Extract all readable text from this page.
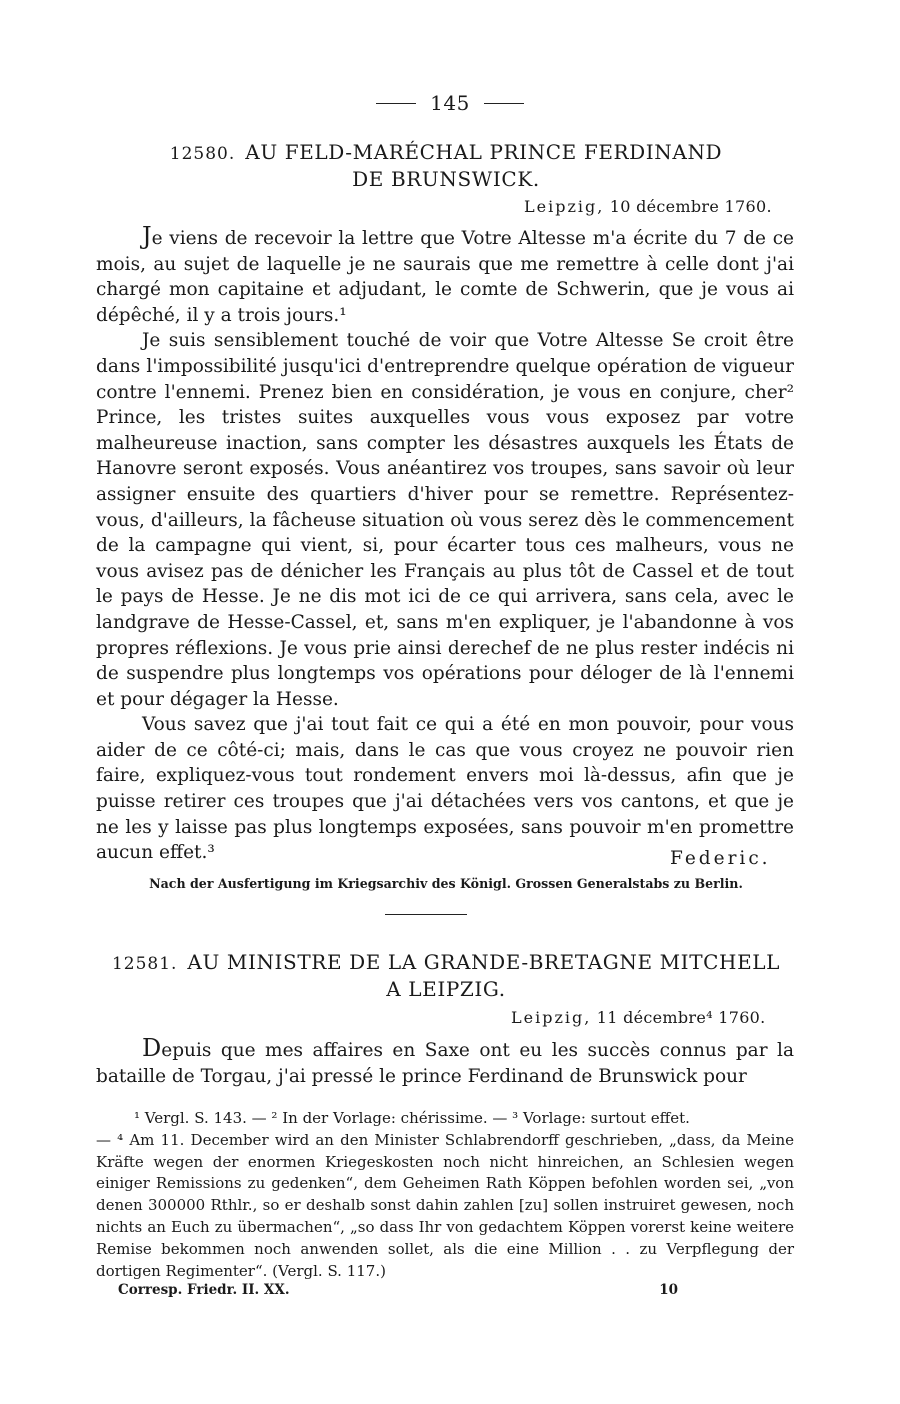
145
12580. AU FELD-MARÉCHAL PRINCE FERDINAND
DE BRUNSWICK.
Leipzig, 10 décembre 1760.

Je viens de recevoir la lettre que Votre Altesse m'a écrite du 7 de ce mois, au sujet de laquelle je ne saurais que me remettre à celle dont j'ai chargé mon capitaine et adjudant, le comte de Schwerin, que je vous ai dépêché, il y a trois jours.¹

Je suis sensiblement touché de voir que Votre Altesse Se croit être dans l'impossibilité jusqu'ici d'entreprendre quelque opération de vigueur contre l'ennemi. Prenez bien en considération, je vous en conjure, cher² Prince, les tristes suites auxquelles vous vous exposez par votre malheureuse inaction, sans compter les désastres auxquels les États de Hanovre seront exposés. Vous anéantirez vos troupes, sans savoir où leur assigner ensuite des quartiers d'hiver pour se remettre. Représentez-vous, d'ailleurs, la fâcheuse situation où vous serez dès le commencement de la campagne qui vient, si, pour écarter tous ces malheurs, vous ne vous avisez pas de dénicher les Français au plus tôt de Cassel et de tout le pays de Hesse. Je ne dis mot ici de ce qui arrivera, sans cela, avec le landgrave de Hesse-Cassel, et, sans m'en expliquer, je l'abandonne à vos propres réflexions. Je vous prie ainsi derechef de ne plus rester indécis ni de suspendre plus longtemps vos opérations pour déloger de là l'ennemi et pour dégager la Hesse.

Vous savez que j'ai tout fait ce qui a été en mon pouvoir, pour vous aider de ce côté-ci; mais, dans le cas que vous croyez ne pouvoir rien faire, expliquez-vous tout rondement envers moi là-dessus, afin que je puisse retirer ces troupes que j'ai détachées vers vos cantons, et que je ne les y laisse pas plus longtemps exposées, sans pouvoir m'en promettre aucun effet.³	Federic.
Nach der Ausfertigung im Kriegsarchiv des Königl. Grossen Generalstabs zu Berlin.
12581. AU MINISTRE DE LA GRANDE-BRETAGNE MITCHELL
A LEIPZIG.
Leipzig, 11 décembre⁴ 1760.

Depuis que mes affaires en Saxe ont eu les succès connus par la bataille de Torgau, j'ai pressé le prince Ferdinand de Brunswick pour

¹ Vergl. S. 143. — ² In der Vorlage: chérissime. — ³ Vorlage: surtout effet.

— ⁴ Am 11. December wird an den Minister Schlabrendorff geschrieben, „dass, da Meine Kräfte wegen der enormen Kriegeskosten noch nicht hinreichen, an Schlesien wegen einiger Remissions zu gedenken“, dem Geheimen Rath Köppen befohlen worden sei, „von denen 300000 Rthlr., so er deshalb sonst dahin zahlen [zu] sollen instruiret gewesen, noch nichts an Euch zu übermachen“, „so dass Ihr von gedachtem Köppen vorerst keine weitere Remise bekommen noch anwenden sollet, als die eine Million . . zu Verpflegung der dortigen Regimenter“. (Vergl. S. 117.)

Corresp. Friedr. II. XX.	10
